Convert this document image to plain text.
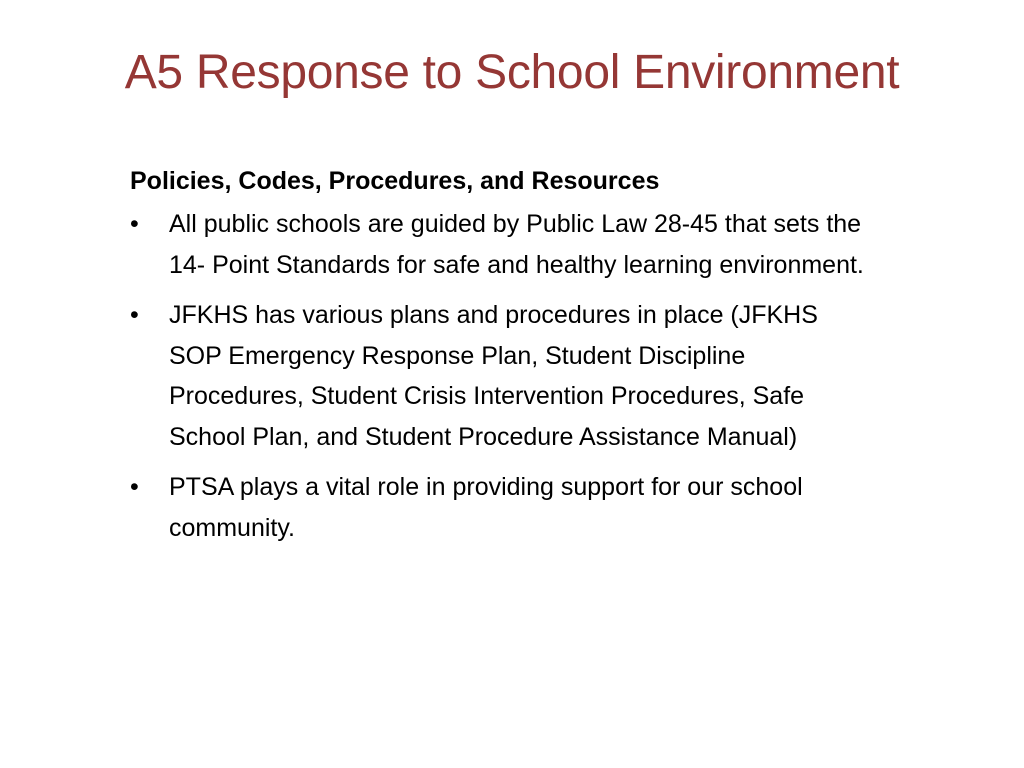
A5 Response to School Environment
Policies, Codes, Procedures, and Resources
•	All public schools are guided by Public Law 28-45 that sets the 14- Point Standards for safe and healthy learning environment.
•	JFKHS has various plans and procedures in place (JFKHS SOP Emergency Response Plan, Student Discipline Procedures, Student Crisis Intervention Procedures, Safe School Plan, and Student Procedure Assistance Manual)
•	PTSA plays a vital role in providing support for our school community.
